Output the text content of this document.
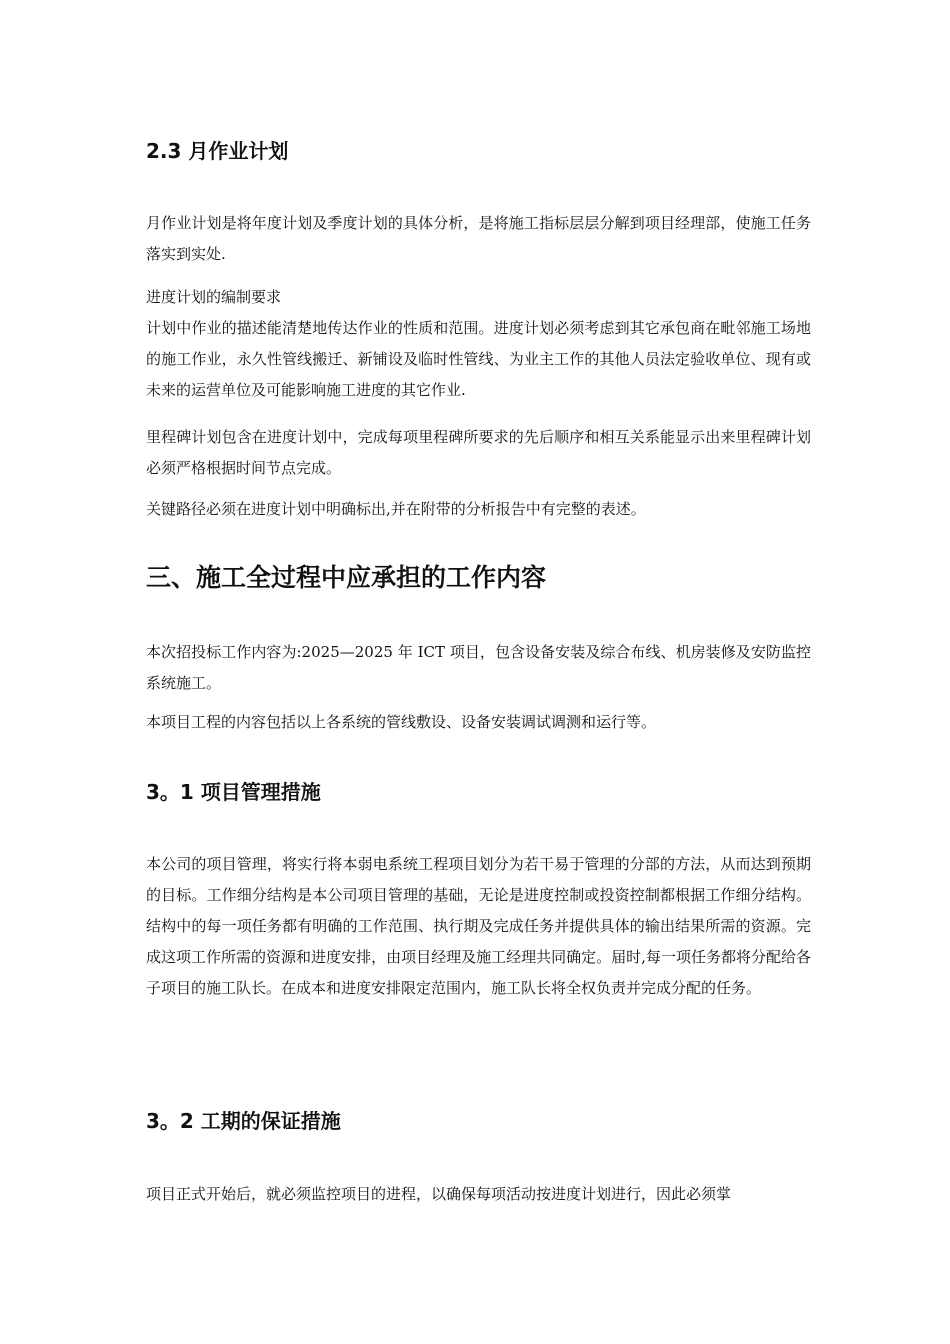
2.3 月作业计划
月作业计划是将年度计划及季度计划的具体分析，是将施工指标层层分解到项目经理部，使施工任务落实到实处.
进度计划的编制要求
计划中作业的描述能清楚地传达作业的性质和范围。进度计划必须考虑到其它承包商在毗邻施工场地的施工作业，永久性管线搬迁、新铺设及临时性管线、为业主工作的其他人员法定验收单位、现有或未来的运营单位及可能影响施工进度的其它作业.
里程碑计划包含在进度计划中，完成每项里程碑所要求的先后顺序和相互关系能显示出来里程碑计划必须严格根据时间节点完成。
关键路径必须在进度计划中明确标出,并在附带的分析报告中有完整的表述。
三、施工全过程中应承担的工作内容
本次招投标工作内容为:2025—2025 年 ICT 项目，包含设备安装及综合布线、机房装修及安防监控系统施工。
本项目工程的内容包括以上各系统的管线敷设、设备安装调试调测和运行等。
3。1 项目管理措施
本公司的项目管理，将实行将本弱电系统工程项目划分为若干易于管理的分部的方法，从而达到预期的目标。工作细分结构是本公司项目管理的基础，无论是进度控制或投资控制都根据工作细分结构。结构中的每一项任务都有明确的工作范围、执行期及完成任务并提供具体的输出结果所需的资源。完成这项工作所需的资源和进度安排，由项目经理及施工经理共同确定。届时,每一项任务都将分配给各子项目的施工队长。在成本和进度安排限定范围内，施工队长将全权负责并完成分配的任务。
3。2 工期的保证措施
项目正式开始后，就必须监控项目的进程，以确保每项活动按进度计划进行，因此必须掌
